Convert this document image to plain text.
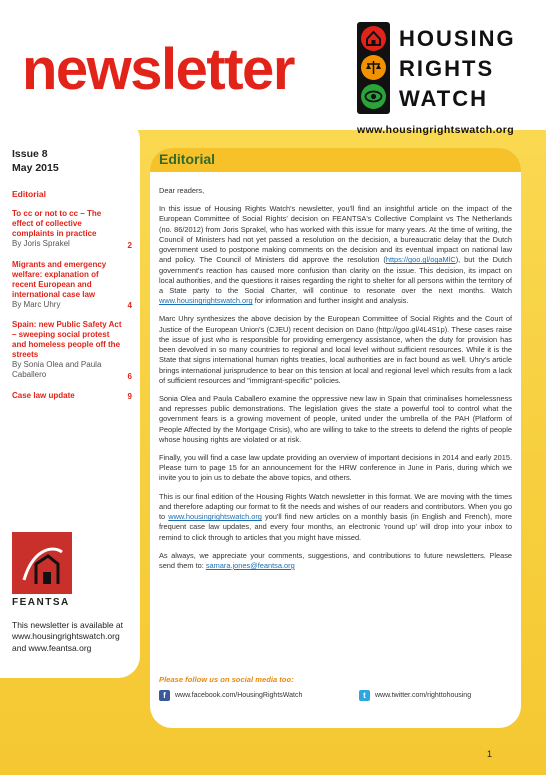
newsletter	HOUSING
RIGHTS
WATCH
www.housingrightswatch.org
Issue 8
May 2015
Editorial
To cc or not to cc – The effect of collective complaints in practice
By Joris Sprakel	2
Migrants and emergency welfare: explanation of recent European and international case law
By Marc Uhry	4
Spain: new Public Safety Act – sweeping social protest and homeless people off the streets
By Sonia Olea and Paula Caballero	6
Case law update	9
FEANTSA
This newsletter is available at www.housingrightswatch.org and www.feantsa.org
Editorial

Dear readers,

In this issue of Housing Rights Watch's newsletter, you'll find an insightful article on the impact of the European Committee of Social Rights' decision on FEANTSA's Collective Complaint vs The Netherlands (no. 86/2012) from Joris Sprakel, who has worked with this issue for many years. At the time of writing, the Council of Ministers had not yet passed a resolution on the decision, a bureaucratic delay that the Dutch government used to postpone making comments on the decision and its eventual impact on national law and policy. The Council of Ministers did approve the resolution (https://goo.gl/ogaMlC), but the Dutch government's reaction has caused more confusion than clarity on the issue. This decision, its impact on local authorities, and the questions it raises regarding the right to shelter for all persons within the territory of a State party to the Social Charter, will continue to resonate over the next months. Watch www.housingrightswatch.org for information and further insight and analysis.

Marc Uhry synthesizes the above decision by the European Committee of Social Rights and the Court of Justice of the European Union's (CJEU) recent decision on Dano (http://goo.gl/4L4S1p). These cases raise the issue of just who is responsible for providing emergency assistance, when the duty for provision has been devolved in so many countries to regional and local level without sufficient resources. While it is the State that signs international human rights treaties, local authorities are in fact bound as well. Uhry's article brings international jurisprudence to bear on this tension at local and regional level which results from a lack of sufficient resources and "immigrant-specific" policies.

Sonia Olea and Paula Caballero examine the oppressive new law in Spain that criminalises homelessness and represses public demonstrations. The legislation gives the state a powerful tool to control what the government fears is a growing movement of people, united under the umbrella of the PAH (Platform of People Affected by the Mortgage Crisis), who are willing to take to the streets to defend the rights of people whose housing rights are violated or at risk.

Finally, you will find a case law update providing an overview of important decisions in 2014 and early 2015. Please turn to page 15 for an announcement for the HRW conference in June in Paris, during which we invite you to join us to debate the above topics, and others.

This is our final edition of the Housing Rights Watch newsletter in this format. We are moving with the times and therefore adapting our format to fit the needs and wishes of our readers and contributors. When you go to www.housingrightswatch.org you'll find new articles on a monthly basis (in English and French), more frequent case law updates, and every four months, an electronic 'round up' will drop into your inbox to remind to click through to articles that you might have missed.

As always, we appreciate your comments, suggestions, and contributions to future newsletters. Please send them to: samara.jones@feantsa.org

Please follow us on social media too:
f	www.facebook.com/HousingRightsWatch	t	www.twitter.com/righttohousing
1
